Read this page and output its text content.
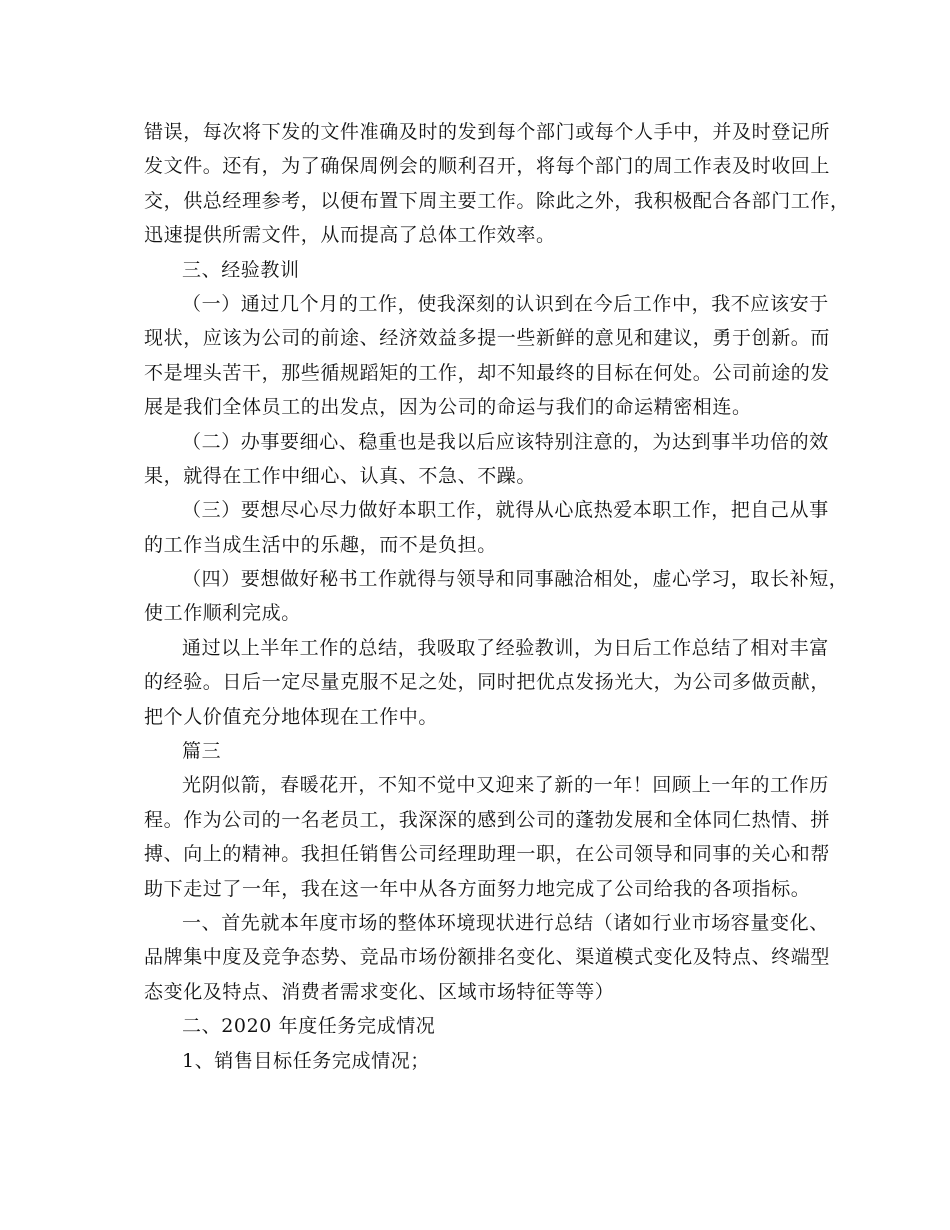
错误，每次将下发的文件准确及时的发到每个部门或每个人手中，并及时登记所
发文件。还有，为了确保周例会的顺利召开，将每个部门的周工作表及时收回上
交，供总经理参考，以便布置下周主要工作。除此之外，我积极配合各部门工作，
迅速提供所需文件，从而提高了总体工作效率。
三、经验教训
（一）通过几个月的工作，使我深刻的认识到在今后工作中，我不应该安于
现状，应该为公司的前途、经济效益多提一些新鲜的意见和建议，勇于创新。而
不是埋头苦干，那些循规蹈矩的工作，却不知最终的目标在何处。公司前途的发
展是我们全体员工的出发点，因为公司的命运与我们的命运精密相连。
（二）办事要细心、稳重也是我以后应该特别注意的，为达到事半功倍的效
果，就得在工作中细心、认真、不急、不躁。
（三）要想尽心尽力做好本职工作，就得从心底热爱本职工作，把自己从事
的工作当成生活中的乐趣，而不是负担。
（四）要想做好秘书工作就得与领导和同事融洽相处，虚心学习，取长补短，
使工作顺利完成。
通过以上半年工作的总结，我吸取了经验教训，为日后工作总结了相对丰富
的经验。日后一定尽量克服不足之处，同时把优点发扬光大，为公司多做贡献，
把个人价值充分地体现在工作中。
篇三
光阴似箭，春暖花开，不知不觉中又迎来了新的一年！回顾上一年的工作历
程。作为公司的一名老员工，我深深的感到公司的蓬勃发展和全体同仁热情、拼
搏、向上的精神。我担任销售公司经理助理一职，在公司领导和同事的关心和帮
助下走过了一年，我在这一年中从各方面努力地完成了公司给我的各项指标。
一、首先就本年度市场的整体环境现状进行总结（诸如行业市场容量变化、
品牌集中度及竞争态势、竞品市场份额排名变化、渠道模式变化及特点、终端型
态变化及特点、消费者需求变化、区域市场特征等等）
二、2020 年度任务完成情况
1、销售目标任务完成情况；
